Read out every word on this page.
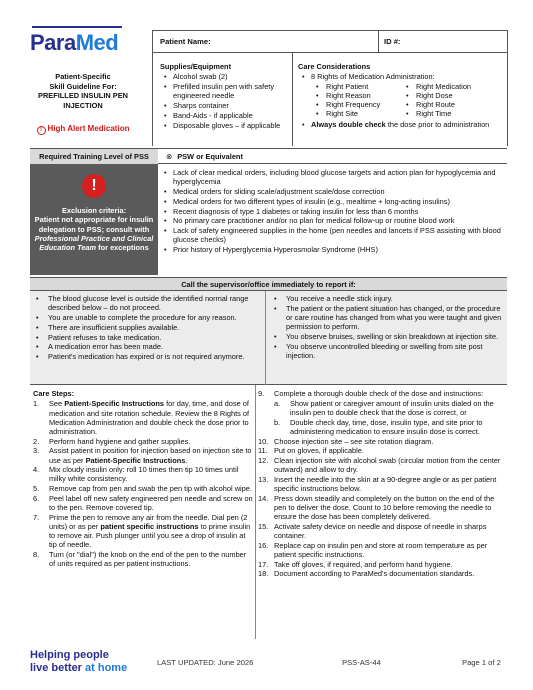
ParaMed
Patient-Specific
Skill Guideline For:
PREFILLED INSULIN PEN
INJECTION
! High Alert Medication
Patient Name:	ID #:
Supplies/Equipment
• Alcohol swab (2)
• Prefilled insulin pen with safety engineered needle
• Sharps container
• Band-Aids - if applicable
• Disposable gloves – if applicable
Care Considerations
• 8 Rights of Medication Administration:
• Right Patient	• Right Medication
• Right Reason	• Right Dose
• Right Frequency	• Right Route
• Right Site	• Right Time
• Always double check the dose prior to administration
Required Training Level of PSS	⊗ PSW or Equivalent
!
Exclusion criteria:
Patient not appropriate for insulin delegation to PSS; consult with Professional Practice and Clinical Education Team for exceptions
• Lack of clear medical orders, including blood glucose targets and action plan for hypoglycemia and hyperglycemia
• Medical orders for sliding scale/adjustment scale/dose correction
• Medical orders for two different types of insulin (e.g., mealtime + long-acting insulins)
• Recent diagnosis of type 1 diabetes or taking insulin for less than 6 months
• No primary care practitioner and/or no plan for medical follow-up or routine blood work
• Lack of safety engineered supplies in the home (pen needles and lancets if PSS assisting with blood glucose checks)
• Prior history of Hyperglycemia Hyperosmolar Syndrome (HHS)
Call the supervisor/office immediately to report if:
• The blood glucose level is outside the identified normal range described below – do not proceed.
• You are unable to complete the procedure for any reason.
• There are insufficient supplies available.
• Patient refuses to take medication.
• A medication error has been made.
• Patient's medication has expired or is not required anymore.
• You receive a needle stick injury.
• The patient or the patient situation has changed, or the procedure or care routine has changed from what you were taught and given permission to perform.
• You observe bruises, swelling or skin breakdown at injection site.
• You observe uncontrolled bleeding or swelling from site post injection.
Care Steps:
1. See Patient-Specific Instructions for day, time, and dose of medication and site rotation schedule. Review the 8 Rights of Medication Administration and double check the dose prior to administration.
2. Perform hand hygiene and gather supplies.
3. Assist patient in position for injection based on injection site to use as per Patient-Specific Instructions.
4. Mix cloudy insulin only: roll 10 times then tip 10 times until milky white consistency.
5. Remove cap from pen and swab the pen tip with alcohol wipe.
6. Peel label off new safety engineered pen needle and screw on to the pen. Remove covered tip.
7. Prime the pen to remove any air from the needle. Dial pen (2 units) or as per patient specific instructions to prime insulin to remove air. Push plunger until you see a drop of insulin at tip of needle.
8. Turn (or "dial") the knob on the end of the pen to the number of units required as per patient instructions.
9. Complete a thorough double check of the dose and instructions:
a. Show patient or caregiver amount of insulin units dialed on the insulin pen to double check that the dose is correct, or
b. Double check day, time, dose, insulin type, and site prior to administering medication to ensure insulin dose is correct.
10. Choose injection site – see site rotation diagram.
11. Put on gloves, if applicable.
12. Clean injection site with alcohol swab (circular motion from the center outward) and allow to dry.
13. Insert the needle into the skin at a 90-degree angle or as per patient specific instructions below.
14. Press down steadily and completely on the button on the end of the pen to deliver the dose. Count to 10 before removing the needle to ensure the dose has been completely delivered.
15. Activate safety device on needle and dispose of needle in sharps container.
16. Replace cap on insulin pen and store at room temperature as per patient specific instructions.
17. Take off gloves, if required, and perform hand hygiene.
18. Document according to ParaMed's documentation standards.
Helping people
live better at home	LAST UPDATED: June 2026	PSS-AS-44	Page 1 of 2
